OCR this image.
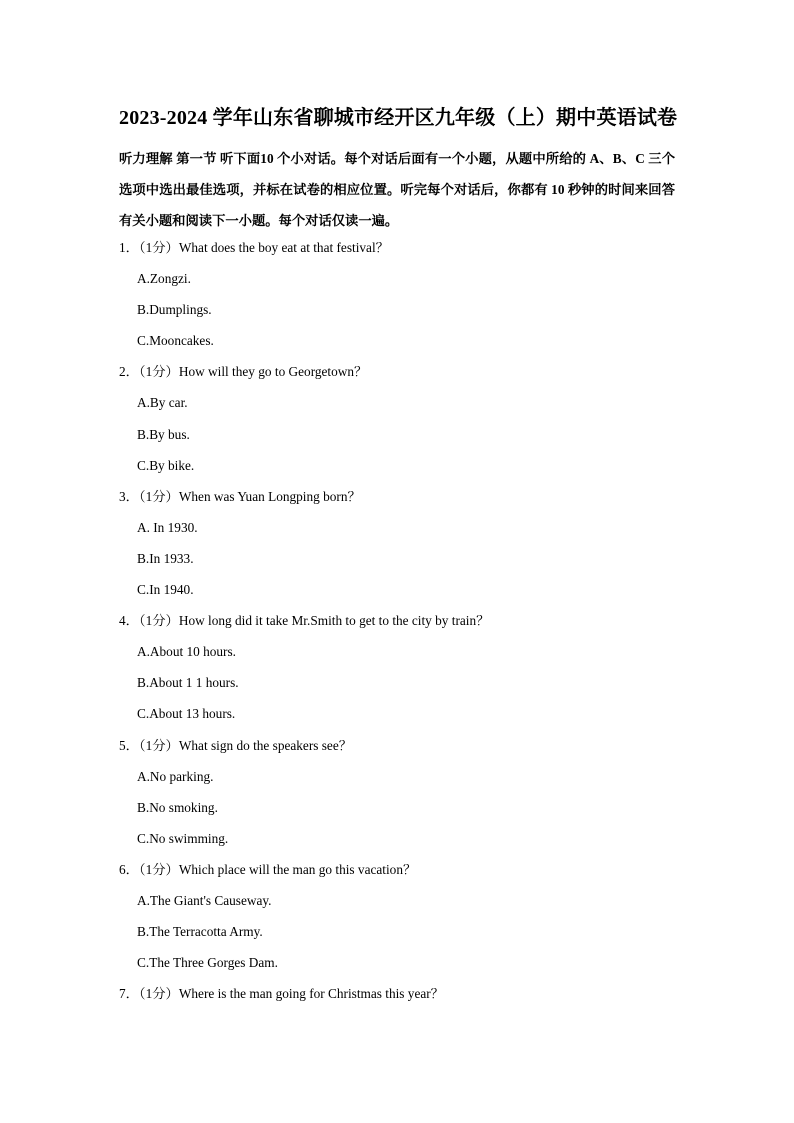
2023-2024 学年山东省聊城市经开区九年级（上）期中英语试卷
听力理解 第一节 听下面10 个小对话。每个对话后面有一个小题，从题中所给的 A、B、C 三个选项中选出最佳选项，并标在试卷的相应位置。听完每个对话后，你都有 10 秒钟的时间来回答有关小题和阅读下一小题。每个对话仅读一遍。
1．（1分）What does the boy eat at that festival？
A.Zongzi.
B.Dumplings.
C.Mooncakes.
2．（1分）How will they go to Georgetown？
A.By car.
B.By bus.
C.By bike.
3．（1分）When was Yuan Longping born？
A. In 1930.
B.In 1933.
C.In 1940.
4．（1分）How long did it take Mr.Smith to get to the city by train？
A.About 10 hours.
B.About 1 1 hours.
C.About 13 hours.
5．（1分）What sign do the speakers see？
A.No parking.
B.No smoking.
C.No swimming.
6．（1分）Which place will the man go this vacation？
A.The Giant's Causeway.
B.The Terracotta Army.
C.The Three Gorges Dam.
7．（1分）Where is the man going for Christmas this year？
